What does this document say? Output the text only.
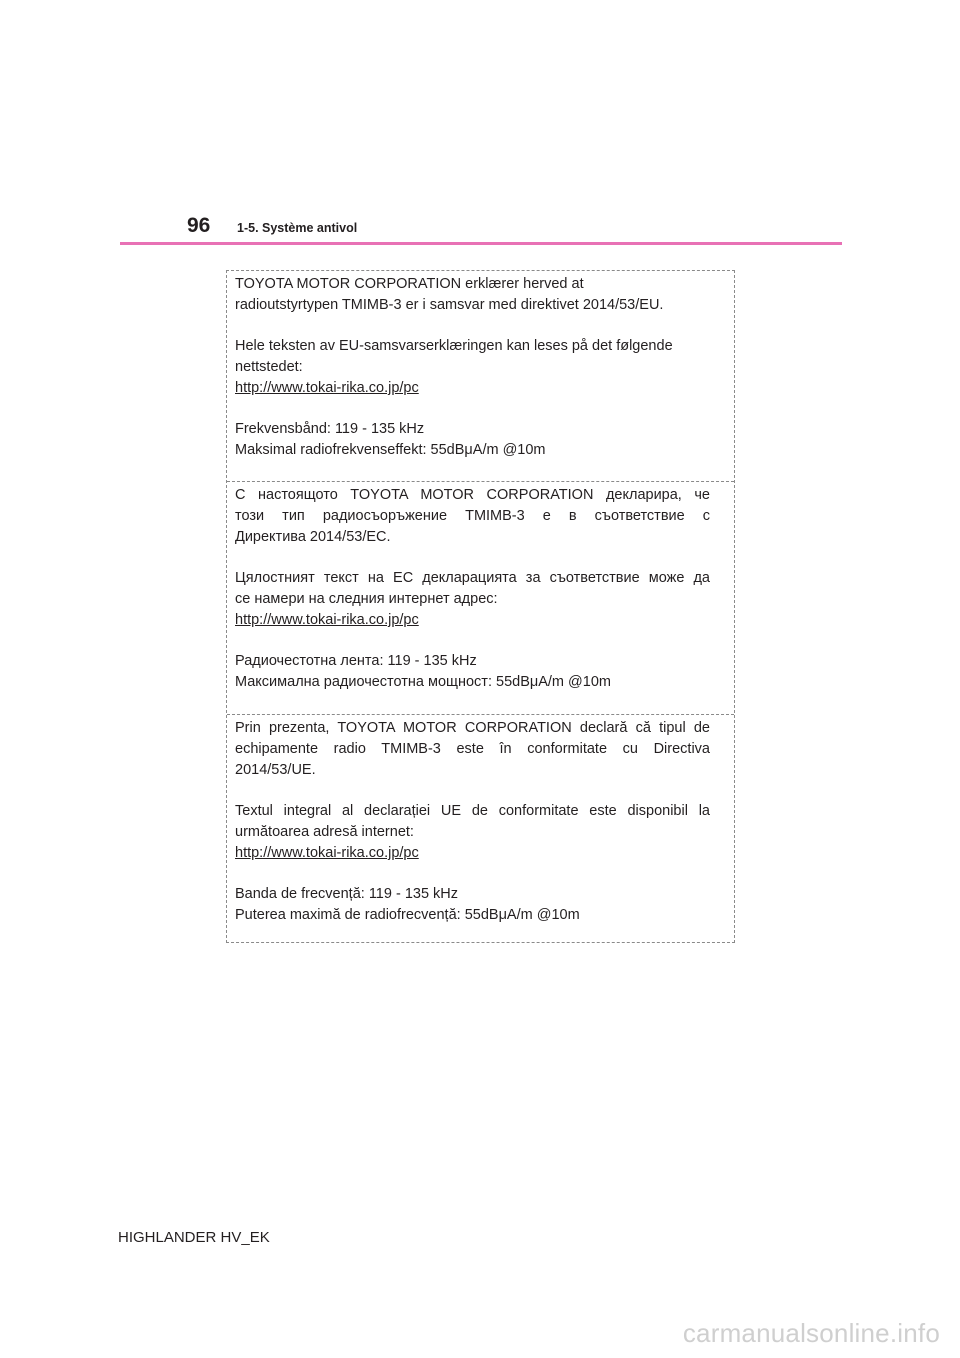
96 1-5. Système antivol

TOYOTA MOTOR CORPORATION erklærer herved at

radioutstyrtypen TMIMB-3 er i samsvar med direktivet 2014/53/EU.

Hele teksten av EU-samsvarserklæringen kan leses på det følgende

nettstedet:

http://www.tokai-rika.co.jp/pc

Frekvensbånd: 119 - 135 kHz

Maksimal radiofrekvenseffekt: 55dBμA/m @10m

С настоящото TOYOTA MOTOR CORPORATION декларира, че

този тип радиосъоръжение TMIMB-3 е в съответствие с

Директива 2014/53/ЕС.

Цялостният текст на ЕС декларацията за съответствие може да

се намери на следния интернет адрес:

http://www.tokai-rika.co.jp/pc

Радиочестотна лента: 119 - 135 kHz

Максимална радиочестотна мощност: 55dBμA/m @10m

Prin prezenta, TOYOTA MOTOR CORPORATION declară că tipul de

echipamente radio TMIMB-3 este în conformitate cu Directiva

2014/53/UE.

Textul integral al declarației UE de conformitate este disponibil la

următoarea adresă internet:

http://www.tokai-rika.co.jp/pc

Banda de frecvență: 119 - 135 kHz

Puterea maximă de radiofrecvență: 55dBμA/m @10m

HIGHLANDER HV_EK
carmanualsonline.info
